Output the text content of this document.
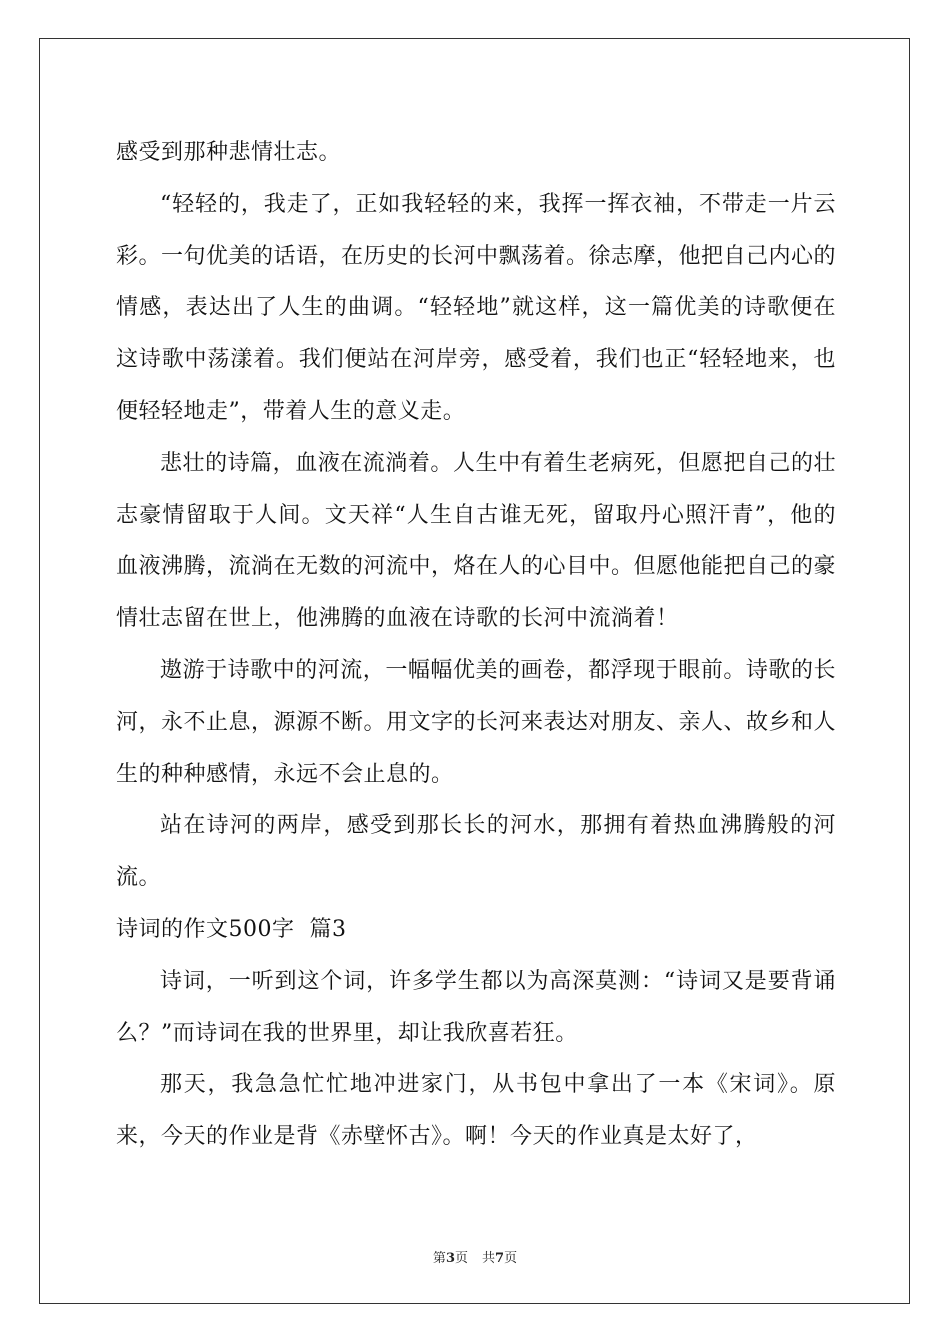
感受到那种悲情壮志。

“轻轻的，我走了，正如我轻轻的来，我挥一挥衣袖，不带走一片云彩。一句优美的话语，在历史的长河中飘荡着。徐志摩，他把自己内心的情感，表达出了人生的曲调。“轻轻地”就这样，这一篇优美的诗歌便在这诗歌中荡漾着。我们便站在河岸旁，感受着，我们也正“轻轻地来，也便轻轻地走”，带着人生的意义走。

悲壮的诗篇，血液在流淌着。人生中有着生老病死，但愿把自己的壮志豪情留取于人间。文天祥“人生自古谁无死，留取丹心照汗青”，他的血液沸腾，流淌在无数的河流中，烙在人的心目中。但愿他能把自己的豪情壮志留在世上，他沸腾的血液在诗歌的长河中流淌着！

遨游于诗歌中的河流，一幅幅优美的画卷，都浮现于眼前。诗歌的长河，永不止息，源源不断。用文字的长河来表达对朋友、亲人、故乡和人生的种种感情，永远不会止息的。

站在诗河的两岸，感受到那长长的河水，那拥有着热血沸腾般的河流。

诗词的作文500字  篇3

诗词，一听到这个词，许多学生都以为高深莫测：“诗词又是要背诵么？”而诗词在我的世界里，却让我欣喜若狂。

那天，我急急忙忙地冲进家门，从书包中拿出了一本《宋词》。原来，今天的作业是背《赤壁怀古》。啊！今天的作业真是太好了，

第3页 共7页
